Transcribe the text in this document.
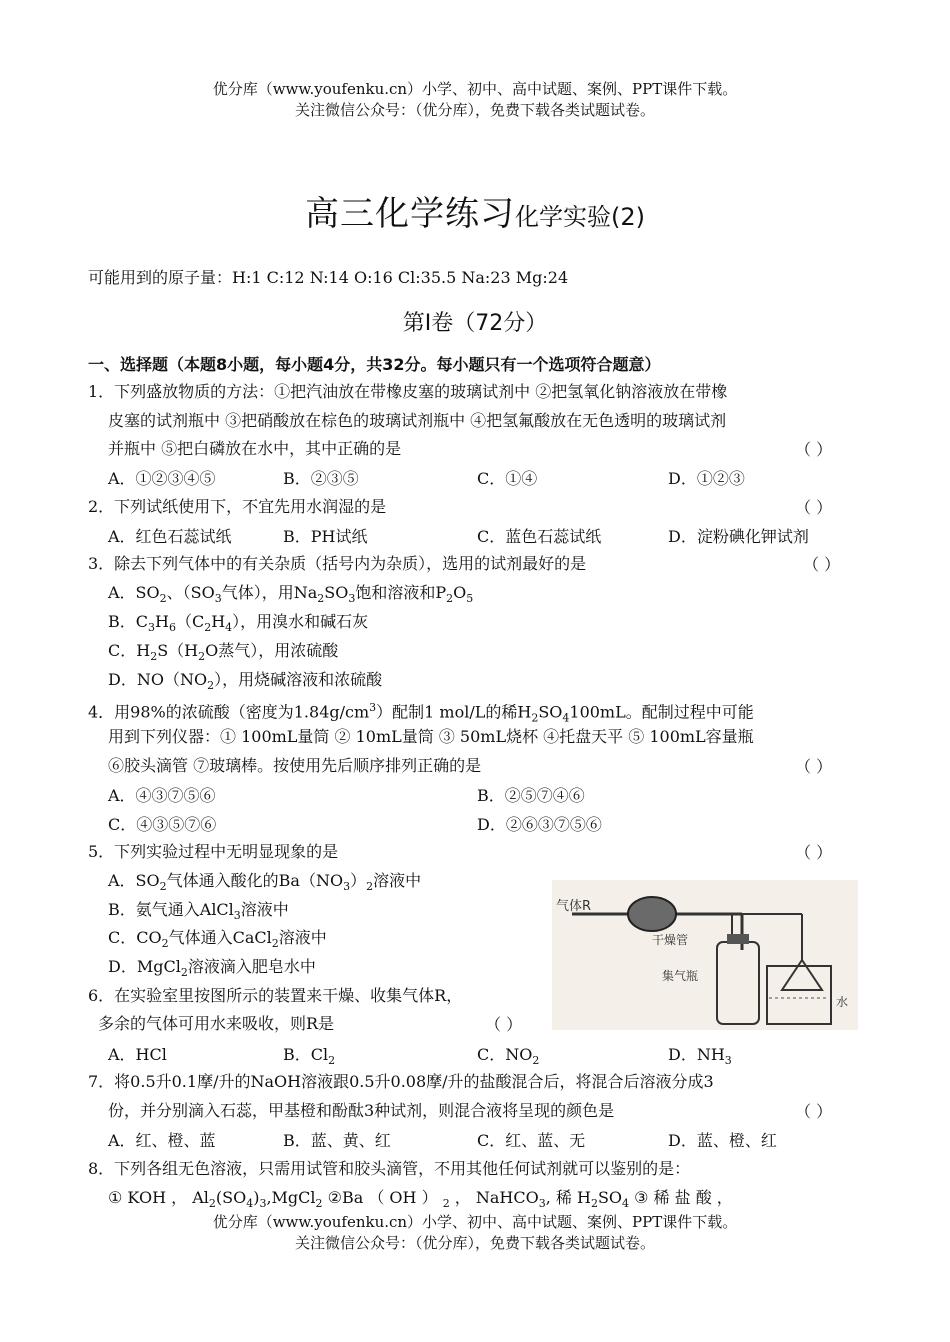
优分库（www.youfenku.cn）小学、初中、高中试题、案例、PPT课件下载。
关注微信公众号：（优分库），免费下载各类试题试卷。
高三化学练习化学实验(2)
可能用到的原子量：H:1 C:12 N:14 O:16 Cl:35.5 Na:23 Mg:24
第Ⅰ卷（72分）
一、选择题（本题8小题，每小题4分，共32分。每小题只有一个选项符合题意）
1．下列盛放物质的方法：①把汽油放在带橡皮塞的玻璃试剂中 ②把氢氧化钠溶液放在带橡
皮塞的试剂瓶中 ③把硝酸放在棕色的玻璃试剂瓶中 ④把氢氟酸放在无色透明的玻璃试剂
并瓶中 ⑤把白磷放在水中，其中正确的是	（ ）
A．①②③④⑤	B．②③⑤	C．①④	D．①②③
2．下列试纸使用下，不宜先用水润湿的是	（ ）
A．红色石蕊试纸	B．PH试纸	C．蓝色石蕊试纸	D．淀粉碘化钾试剂
3．除去下列气体中的有关杂质（括号内为杂质），选用的试剂最好的是	（ ）
A．$SO_2$、（$SO_3$气体），用$Na_2SO_3$饱和溶液和$P_2O_5$
B．$C_3H_6(C_2H_4)$，用溴水和碱石灰
C．$H_2S(H_2O$蒸气），用浓硫酸
D．$NO(NO_2)$，用烧碱溶液和浓硫酸
4．用98%的浓硫酸（密度为$1.84g/cm^3$）配制1 mol/L的稀$H_2SO_4100mL$。配制过程中可能
用到下列仪器：① 100mL量筒 ② 10mL量筒 ③ 50mL烧杯 ④托盘天平 ⑤ 100mL容量瓶
⑥胶头滴管 ⑦玻璃棒。按使用先后顺序排列正确的是	（ ）
A．④③⑦⑤⑥	B．②⑤⑦④⑥
C．④③⑤⑦⑥	D．②⑥③⑦⑤⑥
5．下列实验过程中无明显现象的是	（ ）
A．$SO_2$气体通入酸化的$Ba(NO_3)_2$溶液中
B．氨气通入AlCl$_3$溶液中
C．$CO_2$气体通入CaCl$_2$溶液中
D．MgCl$_2$溶液滴入肥皂水中
气体R
干燥管
集气瓶
水
6．在实验室里按图所示的装置来干燥、收集气体R，
多余的气体可用水来吸收，则R是	（ ）
A．HCl	B．$Cl_2$	C．$NO_2$	D．$NH_3$
7．将0.5升0.1摩/升的NaOH溶液跟0.5升0.08摩/升的盐酸混合后，将混合后溶液分成3
份，并分别滴入石蕊，甲基橙和酚酞3种试剂，则混合液将呈现的颜色是	（ ）
A．红、橙、蓝	B．蓝、黄、红	C．红、蓝、无	D．蓝、橙、红
8．下列各组无色溶液，只需用试管和胶头滴管，不用其他任何试剂就可以鉴别的是：
① KOH ， $Al_2(SO_4)_3,MgCl_2$ ②Ba （ OH ） $_2$ ， NaHCO$_3$, 稀 $H_2SO_4$ ③ 稀 盐 酸 ，
优分库（www.youfenku.cn）小学、初中、高中试题、案例、PPT课件下载。
关注微信公众号：（优分库），免费下载各类试题试卷。
